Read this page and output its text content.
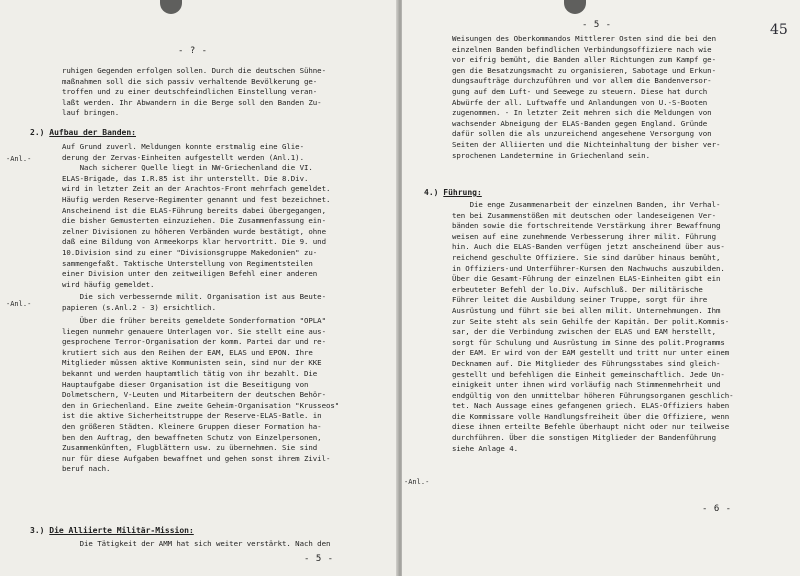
- ? -
ruhigen Gegenden erfolgen sollen. Durch die deutschen Sühne-
maßnahmen soll die sich passiv verhaltende Bevölkerung ge-
troffen und zu einer deutschfeindlichen Einstellung veran-
laßt werden. Ihr Abwandern in die Berge soll den Banden Zu-
lauf bringen.
2.) Aufbau der Banden:
Auf Grund zuverl. Meldungen konnte erstmalig eine Glie-
derung der Zervas-Einheiten aufgestellt werden (Anl.1).
Nach sicherer Quelle liegt in NW-Griechenland die VI.
ELAS-Brigade, das I.R.85 ist ihr unterstellt. Die 8.Div.
wird in letzter Zeit an der Arachtos-Front mehrfach gemeldet.
Häufig werden Reserve-Regimenter genannt und fest bezeichnet.
Anscheinend ist die ELAS-Führung bereits dabei übergegangen,
die bisher Gemusterten einzuziehen. Die Zusammenfassung ein-
zelner Divisionen zu höheren Verbänden wurde bestätigt, ohne
daß eine Bildung von Armeekorps klar hervortritt. Die 9. und
10.Division sind zu einer "Divisionsgruppe Makedonien" zu-
sammengefaßt. Taktische Unterstellung von Regimentsteilen
einer Division unter den zeitweiligen Befehl einer anderen
wird häufig gemeldet.
-Anl.-
Die sich verbessernde milit. Organisation ist aus Beute-
papieren (s.Anl.2 - 3) ersichtlich.
-Anl.-
Über die früher bereits gemeldete Sonderformation "OPLA"
liegen nunmehr genauere Unterlagen vor. Sie stellt eine aus-
gesprochene Terror-Organisation der komm. Partei dar und re-
krutiert sich aus den Reihen der EAM, ELAS und EPON. Ihre
Mitglieder müssen aktive Kommunisten sein, sind nur der KKE
bekannt und werden hauptamtlich tätig von ihr bezahlt. Die
Hauptaufgabe dieser Organisation ist die Beseitigung von
Dolmetschern, V-Leuten und Mitarbeitern der deutschen Behör-
den in Griechenland. Eine zweite Geheim-Organisation "Krusseos"
ist die aktive Sicherheitstruppe der Reserve-ELAS-Batle. in
den größeren Städten. Kleinere Gruppen dieser Formation ha-
ben den Auftrag, den bewaffneten Schutz von Einzelpersonen,
Zusammenkünften, Flugblättern usw. zu übernehmen. Sie sind
nur für diese Aufgaben bewaffnet und gehen sonst ihrem Zivil-
beruf nach.
3.) Die Alliierte Militär-Mission:
Die Tätigkeit der AMM hat sich weiter verstärkt. Nach den
- 5 -
- 5 -	45
Weisungen des Oberkommandos Mittlerer Osten sind die bei den
einzelnen Banden befindlichen Verbindungsoffiziere nach wie
vor eifrig bemüht, die Banden aller Richtungen zum Kampf ge-
gen die Besatzungsmacht zu organisieren, Sabotage und Erkun-
dungsaufträge durchzuführen und vor allem die Bandenversor-
gung auf dem Luft- und Seewege zu steuern. Diese hat durch
Abwürfe der all. Luftwaffe und Anlandungen von U.-S-Booten
zugenommen. - In letzter Zeit mehren sich die Meldungen von
wachsender Abneigung der ELAS-Banden gegen England. Gründe
dafür sollen die als unzureichend angesehene Versorgung von
Seiten der Alliierten und die Nichteinhaltung der bisher ver-
sprochenen Landetermine in Griechenland sein.
4.) Führung:
Die enge Zusammenarbeit der einzelnen Banden, ihr Verhal-
ten bei Zusammenstößen mit deutschen oder landeseigenen Ver-
bänden sowie die fortschreitende Verstärkung ihrer Bewaffnung
weisen auf eine zunehmende Verbesserung ihrer milit. Führung
hin. Auch die ELAS-Banden verfügen jetzt anscheinend über aus-
reichend geschulte Offiziere. Sie sind darüber hinaus bemüht,
in Offiziers-und Unterführer-Kursen den Nachwuchs auszubilden.
Über die Gesamt-Führung der einzelnen ELAS-Einheiten gibt ein
erbeuteter Befehl der lo.Div. Aufschluß. Der militärische
Führer leitet die Ausbildung seiner Truppe, sorgt für ihre
Ausrüstung und führt sie bei allen milit. Unternehmungen. Ihm
zur Seite steht als sein Gehilfe der Kapitän. Der polit.Kommis-
sar, der die Verbindung zwischen der ELAS und EAM herstellt,
sorgt für Schulung und Ausrüstung im Sinne des polit.Programms
der EAM. Er wird von der EAM gestellt und tritt nur unter einem
Decknamen auf. Die Mitglieder des Führungsstabes sind gleich-
gestellt und befehligen die Einheit gemeinschaftlich. Jede Un-
einigkeit unter ihnen wird vorläufig nach Stimmenmehrheit und
endgültig von den unmittelbar höheren Führungsorganen geschlich-
tet. Nach Aussage eines gefangenen griech. ELAS-Offiziers haben
die Kommissare volle Handlungsfreiheit über die Offiziere, wenn
diese ihnen erteilte Befehle überhaupt nicht oder nur teilweise
durchführen. Über die sonstigen Mitglieder der Bandenführung
siehe Anlage 4.
-Anl.-
- 6 -
